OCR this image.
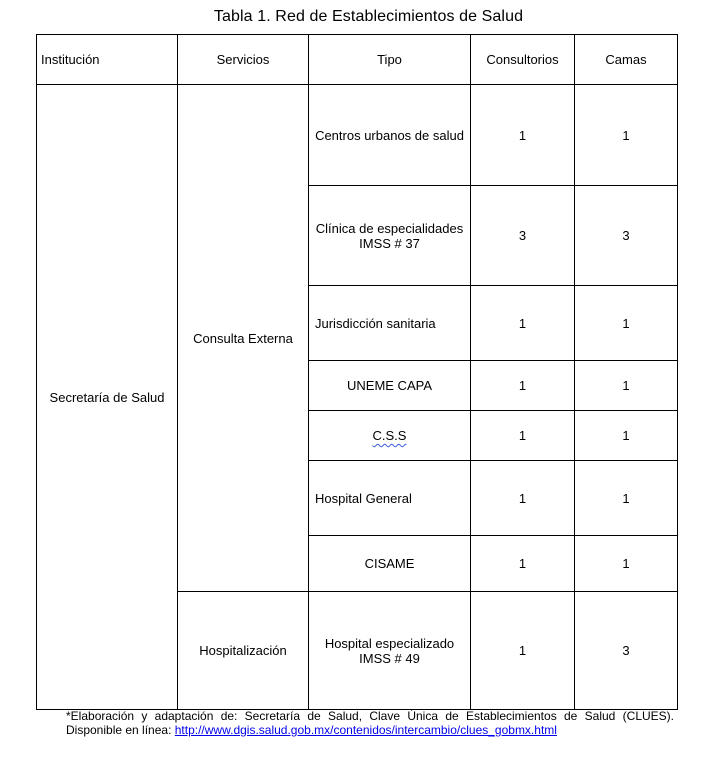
Tabla 1. Red de Establecimientos de Salud
Institución	Servicios	Tipo	Consultorios	Camas
Secretaría de Salud	Consulta Externa	Centros urbanos de salud	1	1
		Clínica de especialidades IMSS # 37	3	3
		Jurisdicción sanitaria	1	1
		UNEME CAPA	1	1
		C.S.S	1	1
		Hospital General	1	1
		CISAME	1	1
	Hospitalización	Hospital especializado IMSS # 49	1	3
*Elaboración y adaptación de: Secretaría de Salud, Clave Única de Establecimientos de Salud (CLUES). Disponible en línea: http://www.dgis.salud.gob.mx/contenidos/intercambio/clues_gobmx.html
